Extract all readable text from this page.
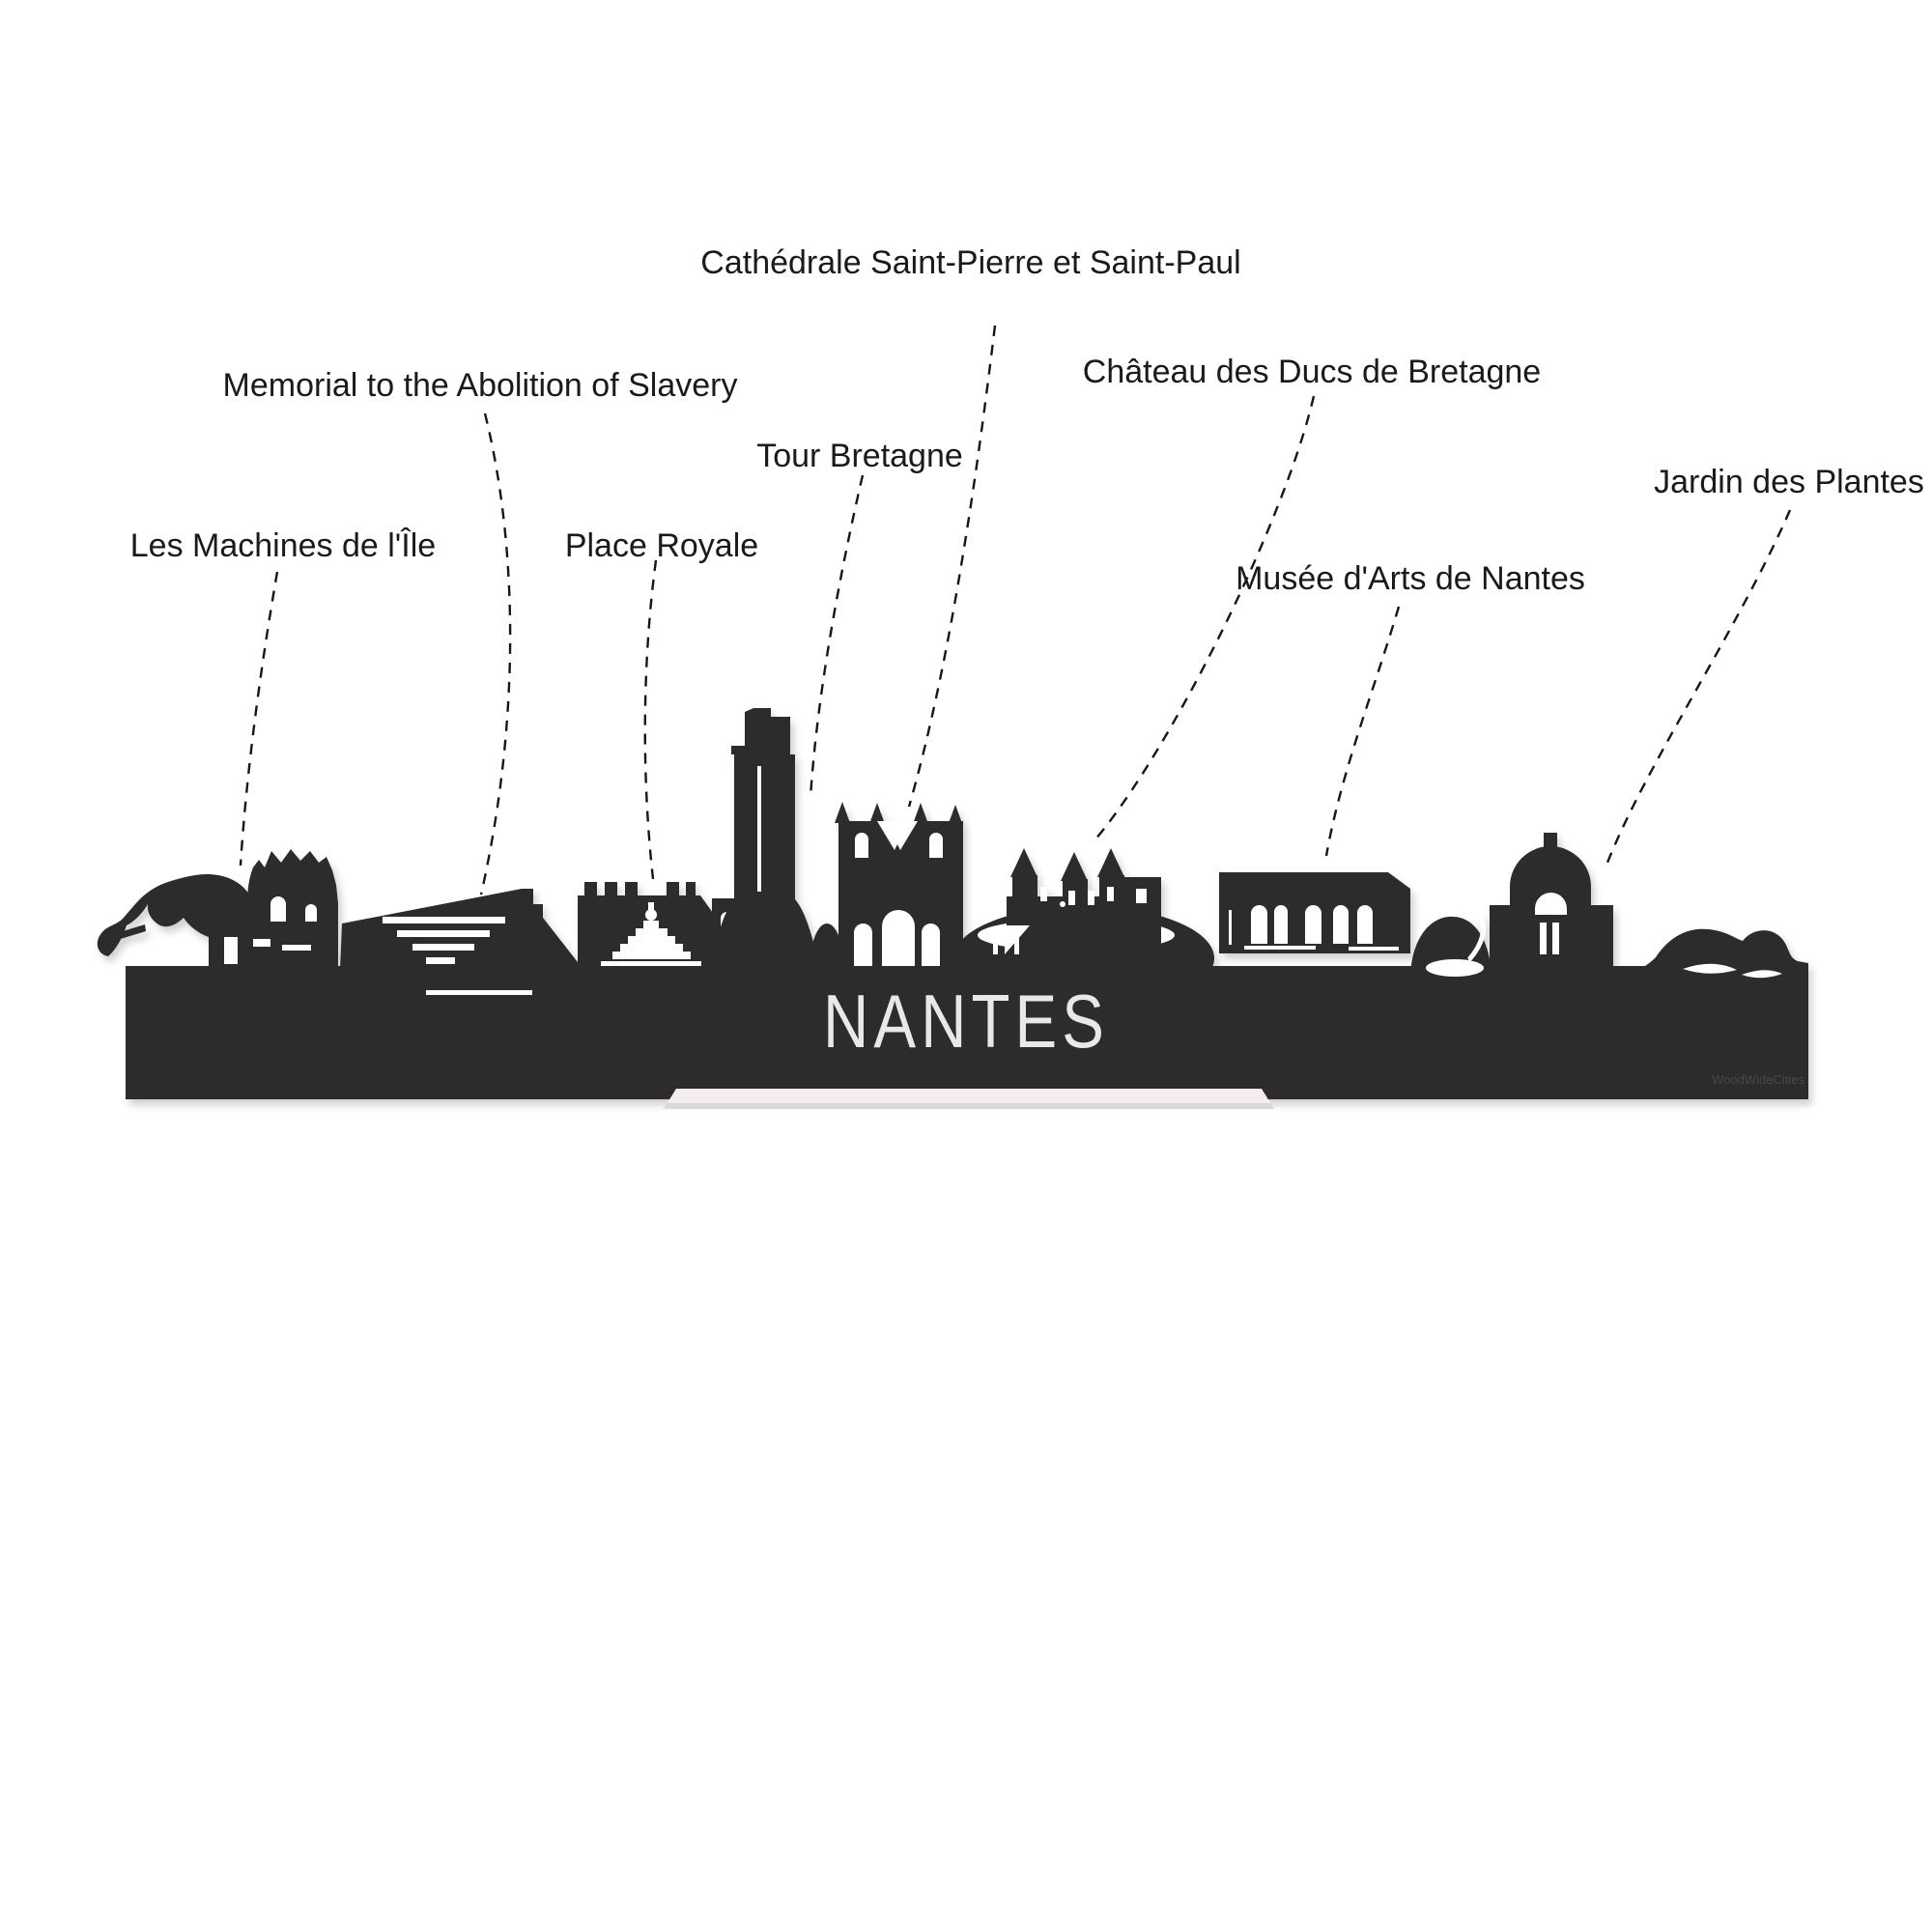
Cathédrale Saint-Pierre et Saint-Paul
Memorial to the Abolition of Slavery	Château des Ducs de Bretagne
Tour Bretagne
Jardin des Plantes
Les Machines de l'Île	Place Royale
Musée d'Arts de Nantes
NANTES
WoodWideCities
